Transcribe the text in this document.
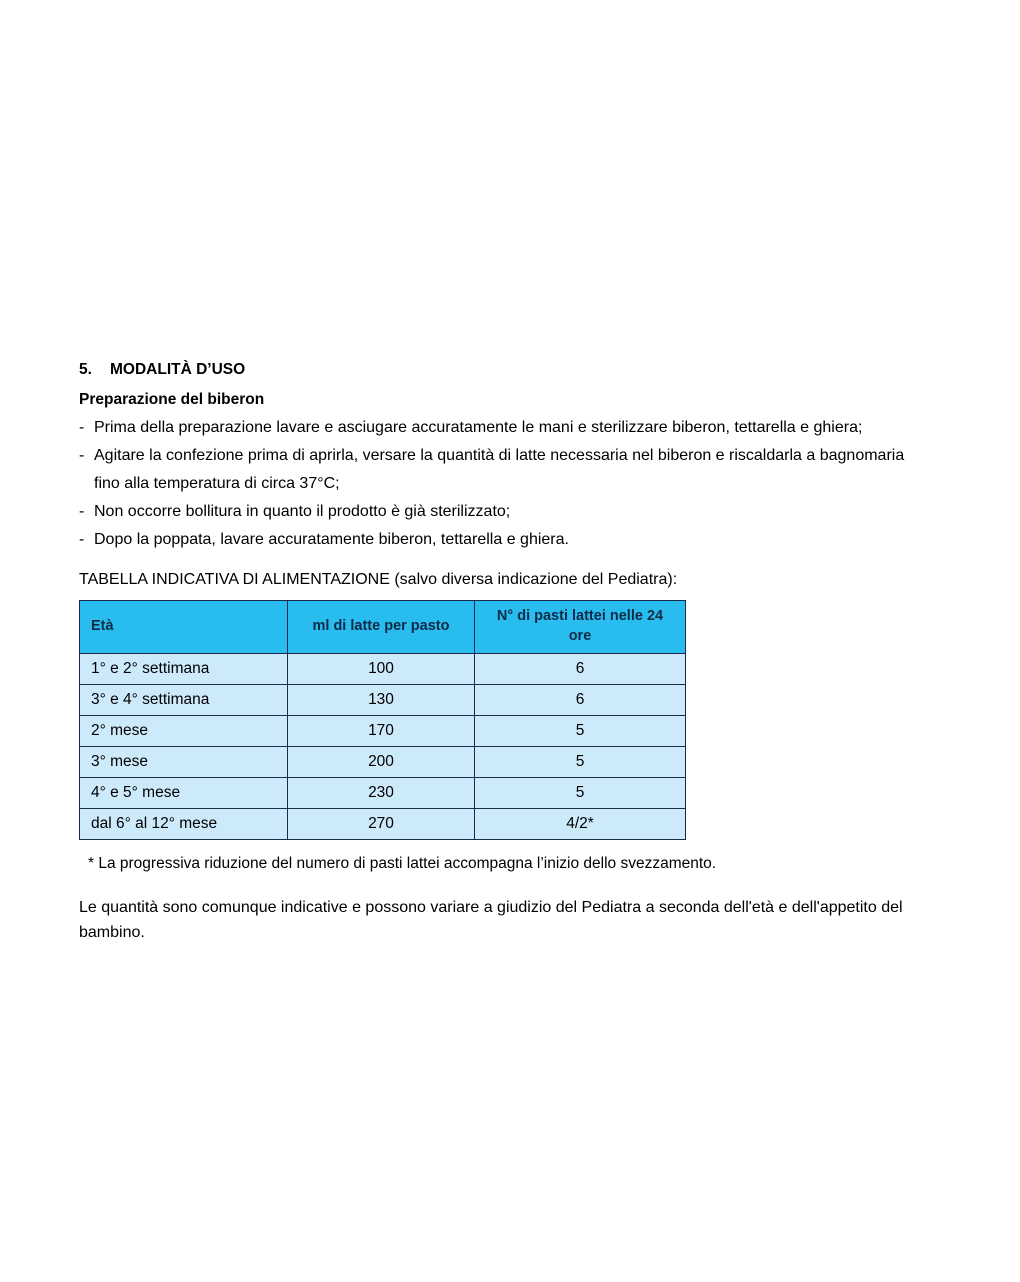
5. MODALITÀ D’USO
Preparazione del biberon
- Prima della preparazione lavare e asciugare accuratamente le mani e sterilizzare biberon, tettarella e ghiera;
- Agitare la confezione prima di aprirla, versare la quantità di latte necessaria nel biberon e riscaldarla a bagnomaria
fino alla temperatura di circa 37°C;
- Non occorre bollitura in quanto il prodotto è già sterilizzato;
- Dopo la poppata, lavare accuratamente biberon, tettarella e ghiera.
TABELLA INDICATIVA DI ALIMENTAZIONE (salvo diversa indicazione del Pediatra):
Età	ml di latte per pasto	N° di pasti lattei nelle 24 ore
1° e 2° settimana	100	6
3° e 4° settimana	130	6
2° mese	170	5
3° mese	200	5
4° e 5° mese	230	5
dal 6° al 12° mese	270	4/2*
* La progressiva riduzione del numero di pasti lattei accompagna l’inizio dello svezzamento.
Le quantità sono comunque indicative e possono variare a giudizio del Pediatra a seconda dell'età e dell'appetito del bambino.
